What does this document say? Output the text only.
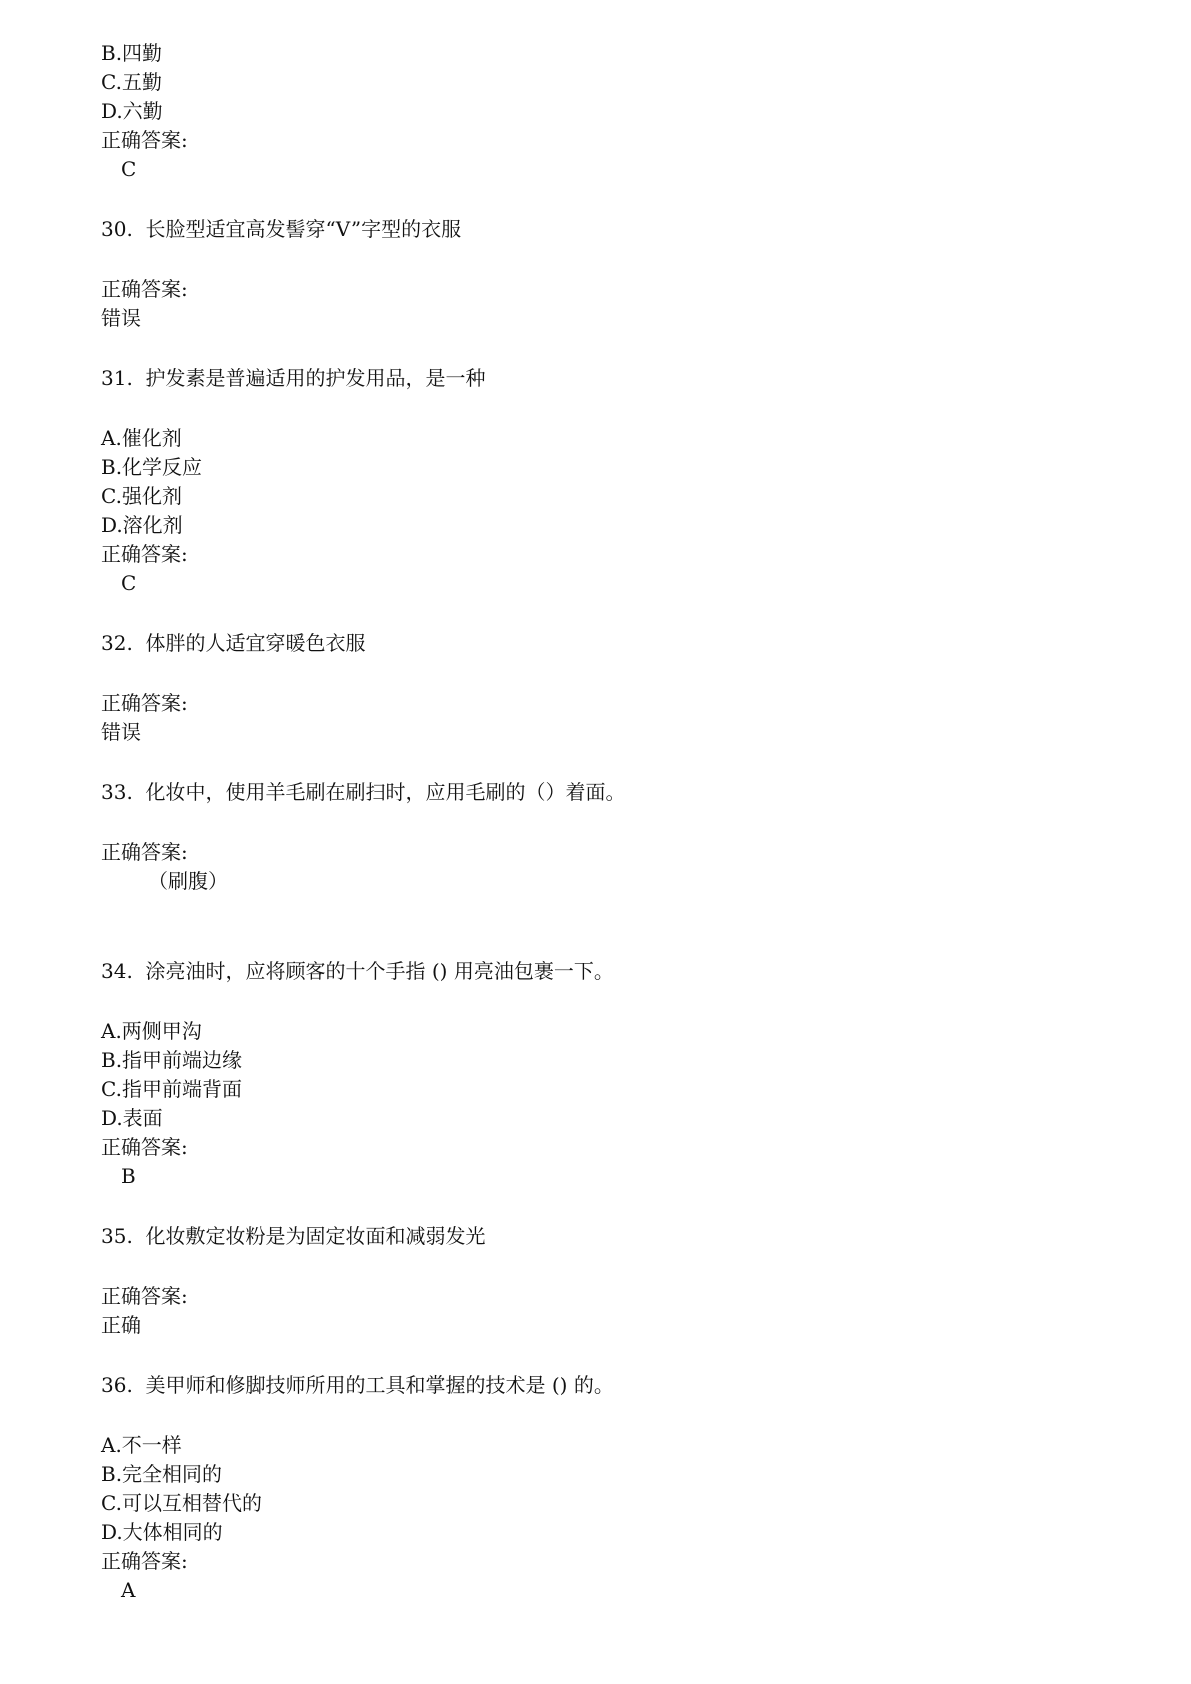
B.四勤
C.五勤
D.六勤
正确答案:
C
30.  长脸型适宜高发髻穿“V”字型的衣服
正确答案:
错误
31.  护发素是普遍适用的护发用品，是一种
A.催化剂
B.化学反应
C.强化剂
D.溶化剂
正确答案:
C
32.  体胖的人适宜穿暖色衣服
正确答案:
错误
33.  化妆中，使用羊毛刷在刷扫时，应用毛刷的（）着面。
正确答案:
（刷腹）
34.  涂亮油时，应将顾客的十个手指 () 用亮油包裹一下。
A.两侧甲沟
B.指甲前端边缘
C.指甲前端背面
D.表面
正确答案:
B
35.  化妆敷定妆粉是为固定妆面和减弱发光
正确答案:
正确
36.  美甲师和修脚技师所用的工具和掌握的技术是 () 的。
A.不一样
B.完全相同的
C.可以互相替代的
D.大体相同的
正确答案:
A
